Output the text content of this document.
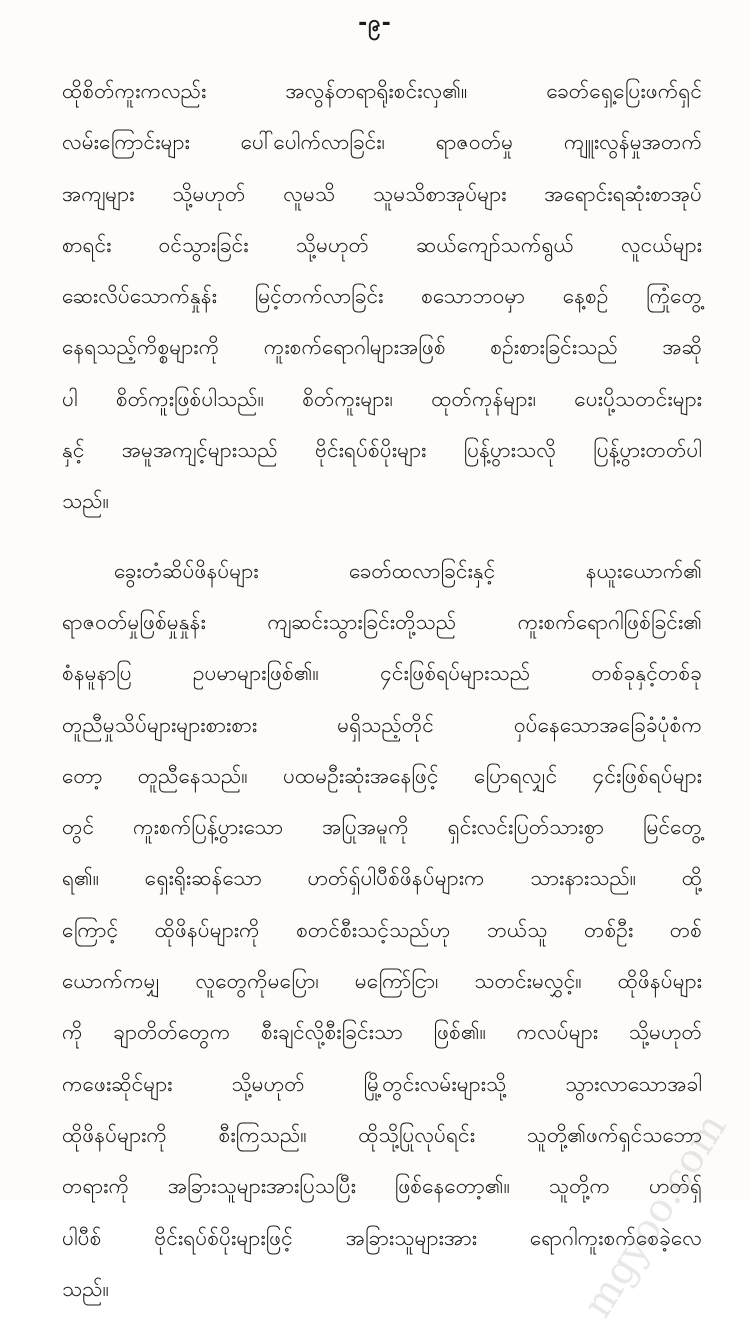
-၉-
ထိုစိတ်ကူးကလည်း အလွန်တရာရိုးစင်းလှ၏။ ခေတ်ရှေ့ပြေးဖက်ရှင်
လမ်းကြောင်းများ ပေါ်ပေါက်လာခြင်း၊ ရာဇဝတ်မှု ကျူးလွန်မှုအတက်
အကျများ သို့မဟုတ် လူမသိ သူမသိစာအုပ်များ အရောင်းရဆုံးစာအုပ်
စာရင်း ဝင်သွားခြင်း သို့မဟုတ် ဆယ်ကျော်သက်ရွယ် လူငယ်များ
ဆေးလိပ်သောက်နှုန်း မြင့်တက်လာခြင်း စသောဘဝမှာ နေ့စဉ် ကြုံတွေ့
နေရသည့်ကိစ္စများကို ကူးစက်ရောဂါများအဖြစ် စဉ်းစားခြင်းသည် အဆို
ပါ စိတ်ကူးဖြစ်ပါသည်။ စိတ်ကူးများ၊ ထုတ်ကုန်များ၊ ပေးပို့သတင်းများ
နှင့် အမူအကျင့်များသည် ဗိုင်းရပ်စ်ပိုးများ ပြန့်ပွားသလို ပြန့်ပွားတတ်ပါ
သည်။
ခွေးတံဆိပ်ဖိနပ်များ ခေတ်ထလာခြင်းနှင့် နယူးယောက်၏
ရာဇဝတ်မှုဖြစ်မှုနှုန်း ကျဆင်းသွားခြင်းတို့သည် ကူးစက်ရောဂါဖြစ်ခြင်း၏
စံနမူနာပြ ဥပမာများဖြစ်၏။ ၄င်းဖြစ်ရပ်များသည် တစ်ခုနှင့်တစ်ခု
တူညီမှုသိပ်များများစားစား မရှိသည့်တိုင် ဝှပ်နေသောအခြေခံပုံစံက
တော့ တူညီနေသည်။ ပထမဦးဆုံးအနေဖြင့် ပြောရလျှင် ၄င်းဖြစ်ရပ်များ
တွင် ကူးစက်ပြန့်ပွားသော အပြုအမူကို ရှင်းလင်းပြတ်သားစွာ မြင်တွေ့
ရ၏။ ရှေးရိုးဆန်သော ဟတ်ရှ်ပါပီစ်ဖိနပ်များက သားနားသည်။ ထို့
ကြောင့် ထိုဖိနပ်များကို စတင်စီးသင့်သည်ဟု ဘယ်သူ တစ်ဦး တစ်
ယောက်ကမျှ လူတွေကိုမပြော၊ မကြော်ငြာ၊ သတင်းမလွှင့်။ ထိုဖိနပ်များ
ကို ချာတိတ်တွေက စီးချင်လို့စီးခြင်းသာ ဖြစ်၏။ ကလပ်များ သို့မဟုတ်
ကဖေးဆိုင်များ သို့မဟုတ် မြို့တွင်းလမ်းများသို့ သွားလာသောအခါ
ထိုဖိနပ်များကို စီးကြသည်။ ထိုသို့ပြုလုပ်ရင်း သူတို့၏ဖက်ရှင်သဘော
တရားကို အခြားသူများအားပြသပြီး ဖြစ်နေတော့၏။ သူတို့က ဟတ်ရှ်
ပါပီစ် ဗိုင်းရပ်စ်ပိုးများဖြင့် အခြားသူများအား ရောဂါကူးစက်စေခဲ့လေ
သည်။	mgyoo.com
